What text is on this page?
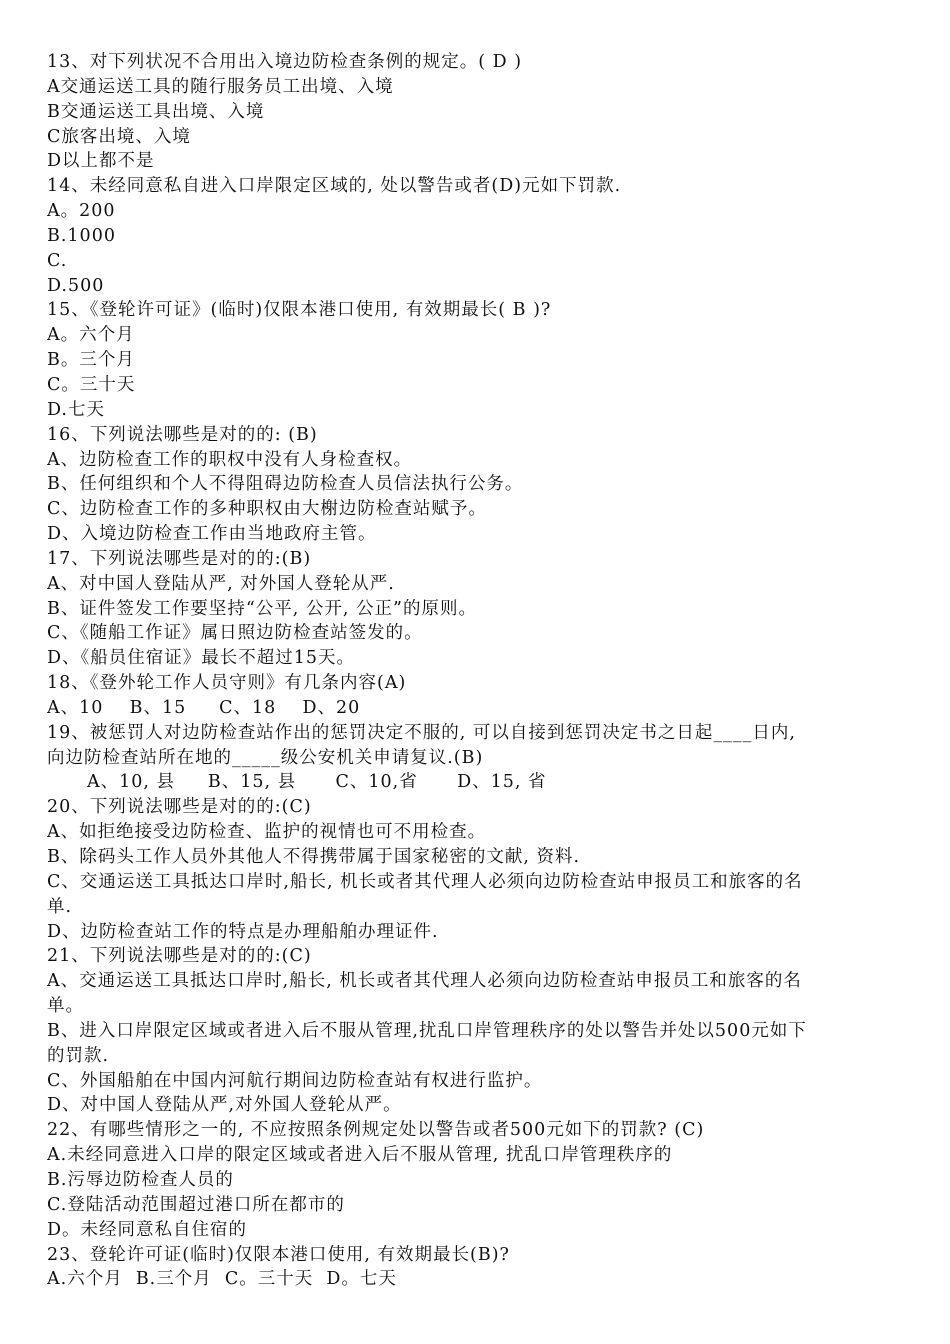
13、对下列状况不合用出入境边防检查条例的规定。( D )
A交通运送工具的随行服务员工出境、入境
B交通运送工具出境、入境
C旅客出境、入境
D以上都不是
14、未经同意私自进入口岸限定区域的, 处以警告或者(D)元如下罚款.
A。200
B.1000
C.
D.500
15、《登轮许可证》(临时)仅限本港口使用, 有效期最长( B )?
A。六个月
B。三个月
C。三十天
D.七天
16、下列说法哪些是对的的: (B)
A、边防检查工作的职权中没有人身检查权。
B、任何组织和个人不得阻碍边防检查人员信法执行公务。
C、边防检查工作的多种职权由大榭边防检查站赋予。
D、入境边防检查工作由当地政府主管。
17、下列说法哪些是对的的:(B)
A、对中国人登陆从严, 对外国人登轮从严.
B、证件签发工作要坚持“公平, 公开, 公正”的原则。
C、《随船工作证》属日照边防检查站签发的。
D、《船员住宿证》最长不超过15天。
18、《登外轮工作人员守则》有几条内容(A)
A、10    B、15     C、18    D、20
19、被惩罚人对边防检查站作出的惩罚决定不服的, 可以自接到惩罚决定书之日起____日内,
向边防检查站所在地的_____级公安机关申请复议.(B)
A、10, 县     B、15, 县      C、10,省      D、15, 省
20、下列说法哪些是对的的:(C)
A、如拒绝接受边防检查、监护的视情也可不用检查。
B、除码头工作人员外其他人不得携带属于国家秘密的文献, 资料.
C、交通运送工具抵达口岸时,船长, 机长或者其代理人必须向边防检查站申报员工和旅客的名
单.
D、边防检查站工作的特点是办理船舶办理证件.
21、下列说法哪些是对的的:(C)
A、交通运送工具抵达口岸时,船长, 机长或者其代理人必须向边防检查站申报员工和旅客的名
单。
B、进入口岸限定区域或者进入后不服从管理,扰乱口岸管理秩序的处以警告并处以500元如下
的罚款.
C、外国船舶在中国内河航行期间边防检查站有权进行监护。
D、对中国人登陆从严,对外国人登轮从严。
22、有哪些情形之一的, 不应按照条例规定处以警告或者500元如下的罚款? (C)
A.未经同意进入口岸的限定区域或者进入后不服从管理, 扰乱口岸管理秩序的
B.污辱边防检查人员的
C.登陆活动范围超过港口所在都市的
D。未经同意私自住宿的
23、登轮许可证(临时)仅限本港口使用, 有效期最长(B)?
A.六个月  B.三个月  C。三十天  D。七天
